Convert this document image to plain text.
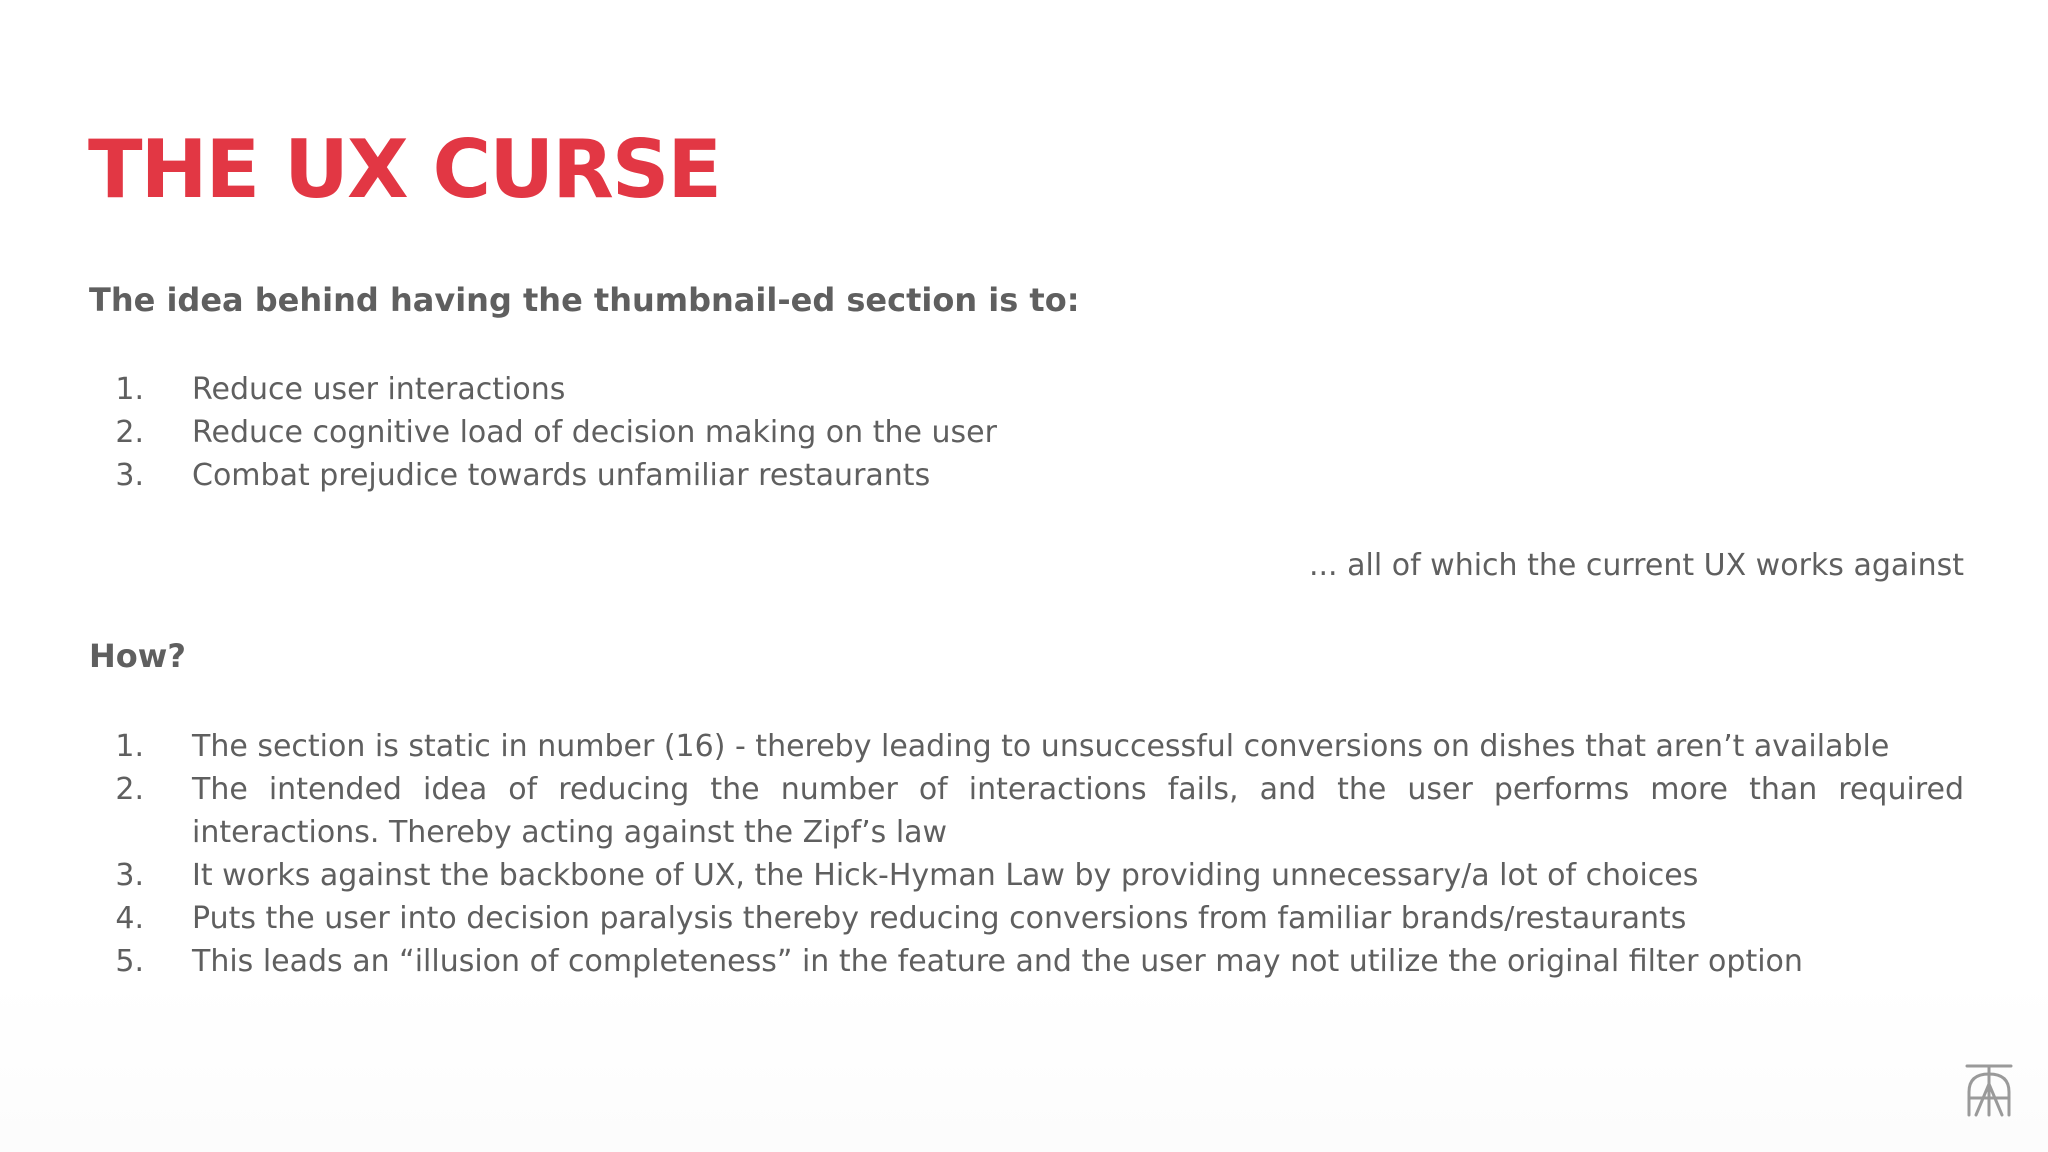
THE UX CURSE

The idea behind having the thumbnail-ed section is to:

1. Reduce user interactions
2. Reduce cognitive load of decision making on the user
3. Combat prejudice towards unfamiliar restaurants

... all of which the current UX works against

How?

1. The section is static in number (16) - thereby leading to unsuccessful conversions on dishes that aren’t available
2. The intended idea of reducing the number of interactions fails, and the user performs more than required interactions. Thereby acting against the Zipf’s law
3. It works against the backbone of UX, the Hick-Hyman Law by providing unnecessary/a lot of choices
4. Puts the user into decision paralysis thereby reducing conversions from familiar brands/restaurants
5. This leads an “illusion of completeness” in the feature and the user may not utilize the original filter option
